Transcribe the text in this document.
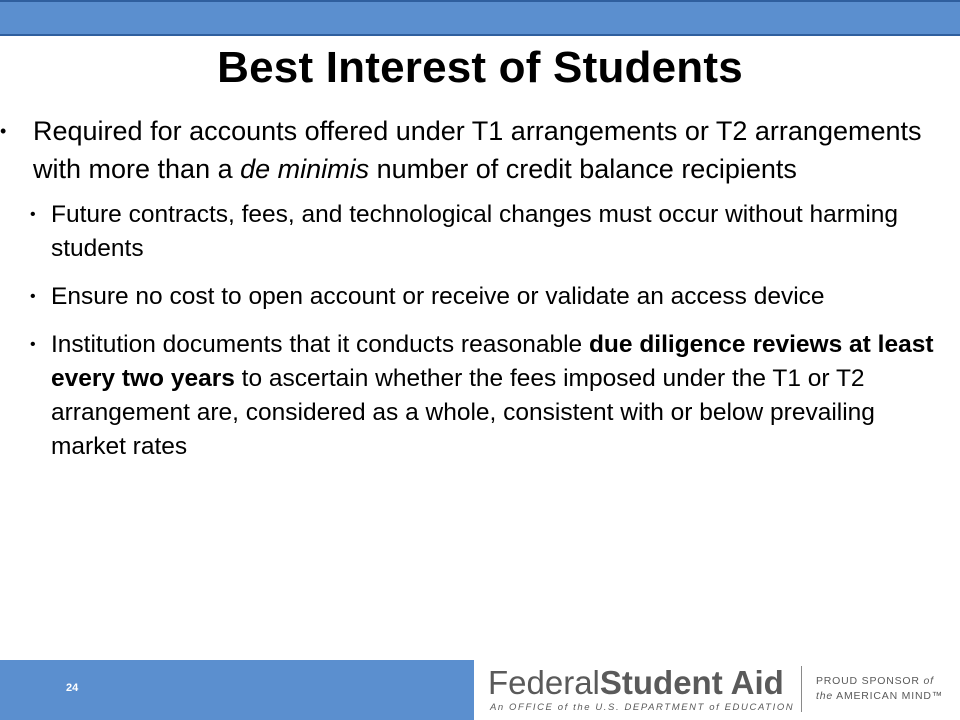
Best Interest of Students
• Required for accounts offered under T1 arrangements or T2 arrangements with more than a de minimis number of credit balance recipients
• Future contracts, fees, and technological changes must occur without harming students
• Ensure no cost to open account or receive or validate an access device
• Institution documents that it conducts reasonable due diligence reviews at least every two years to ascertain whether the fees imposed under the T1 or T2 arrangement are, considered as a whole, consistent with or below prevailing market rates
24	FederalStudent Aid
An OFFICE of the U.S. DEPARTMENT of EDUCATION
PROUD SPONSOR of
the AMERICAN MIND™
